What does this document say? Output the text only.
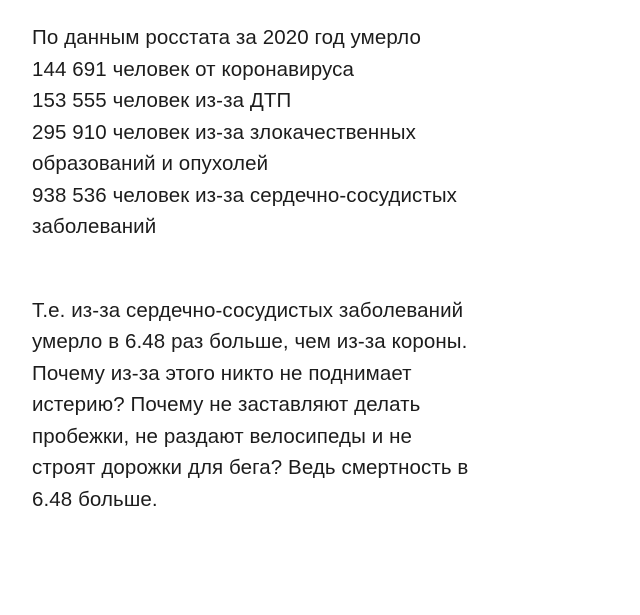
По данным росстата за 2020 год умерло
144 691 человек от коронавируса
153 555 человек из-за ДТП
295 910 человек из-за злокачественных
образований и опухолей
938 536 человек из-за сердечно-сосудистых
заболеваний
Т.е. из-за сердечно-сосудистых заболеваний
умерло в 6.48 раз больше, чем из-за короны.
Почему из-за этого никто не поднимает
истерию? Почему не заставляют делать
пробежки, не раздают велосипеды и не
строят дорожки для бега? Ведь смертность в
6.48 больше.
